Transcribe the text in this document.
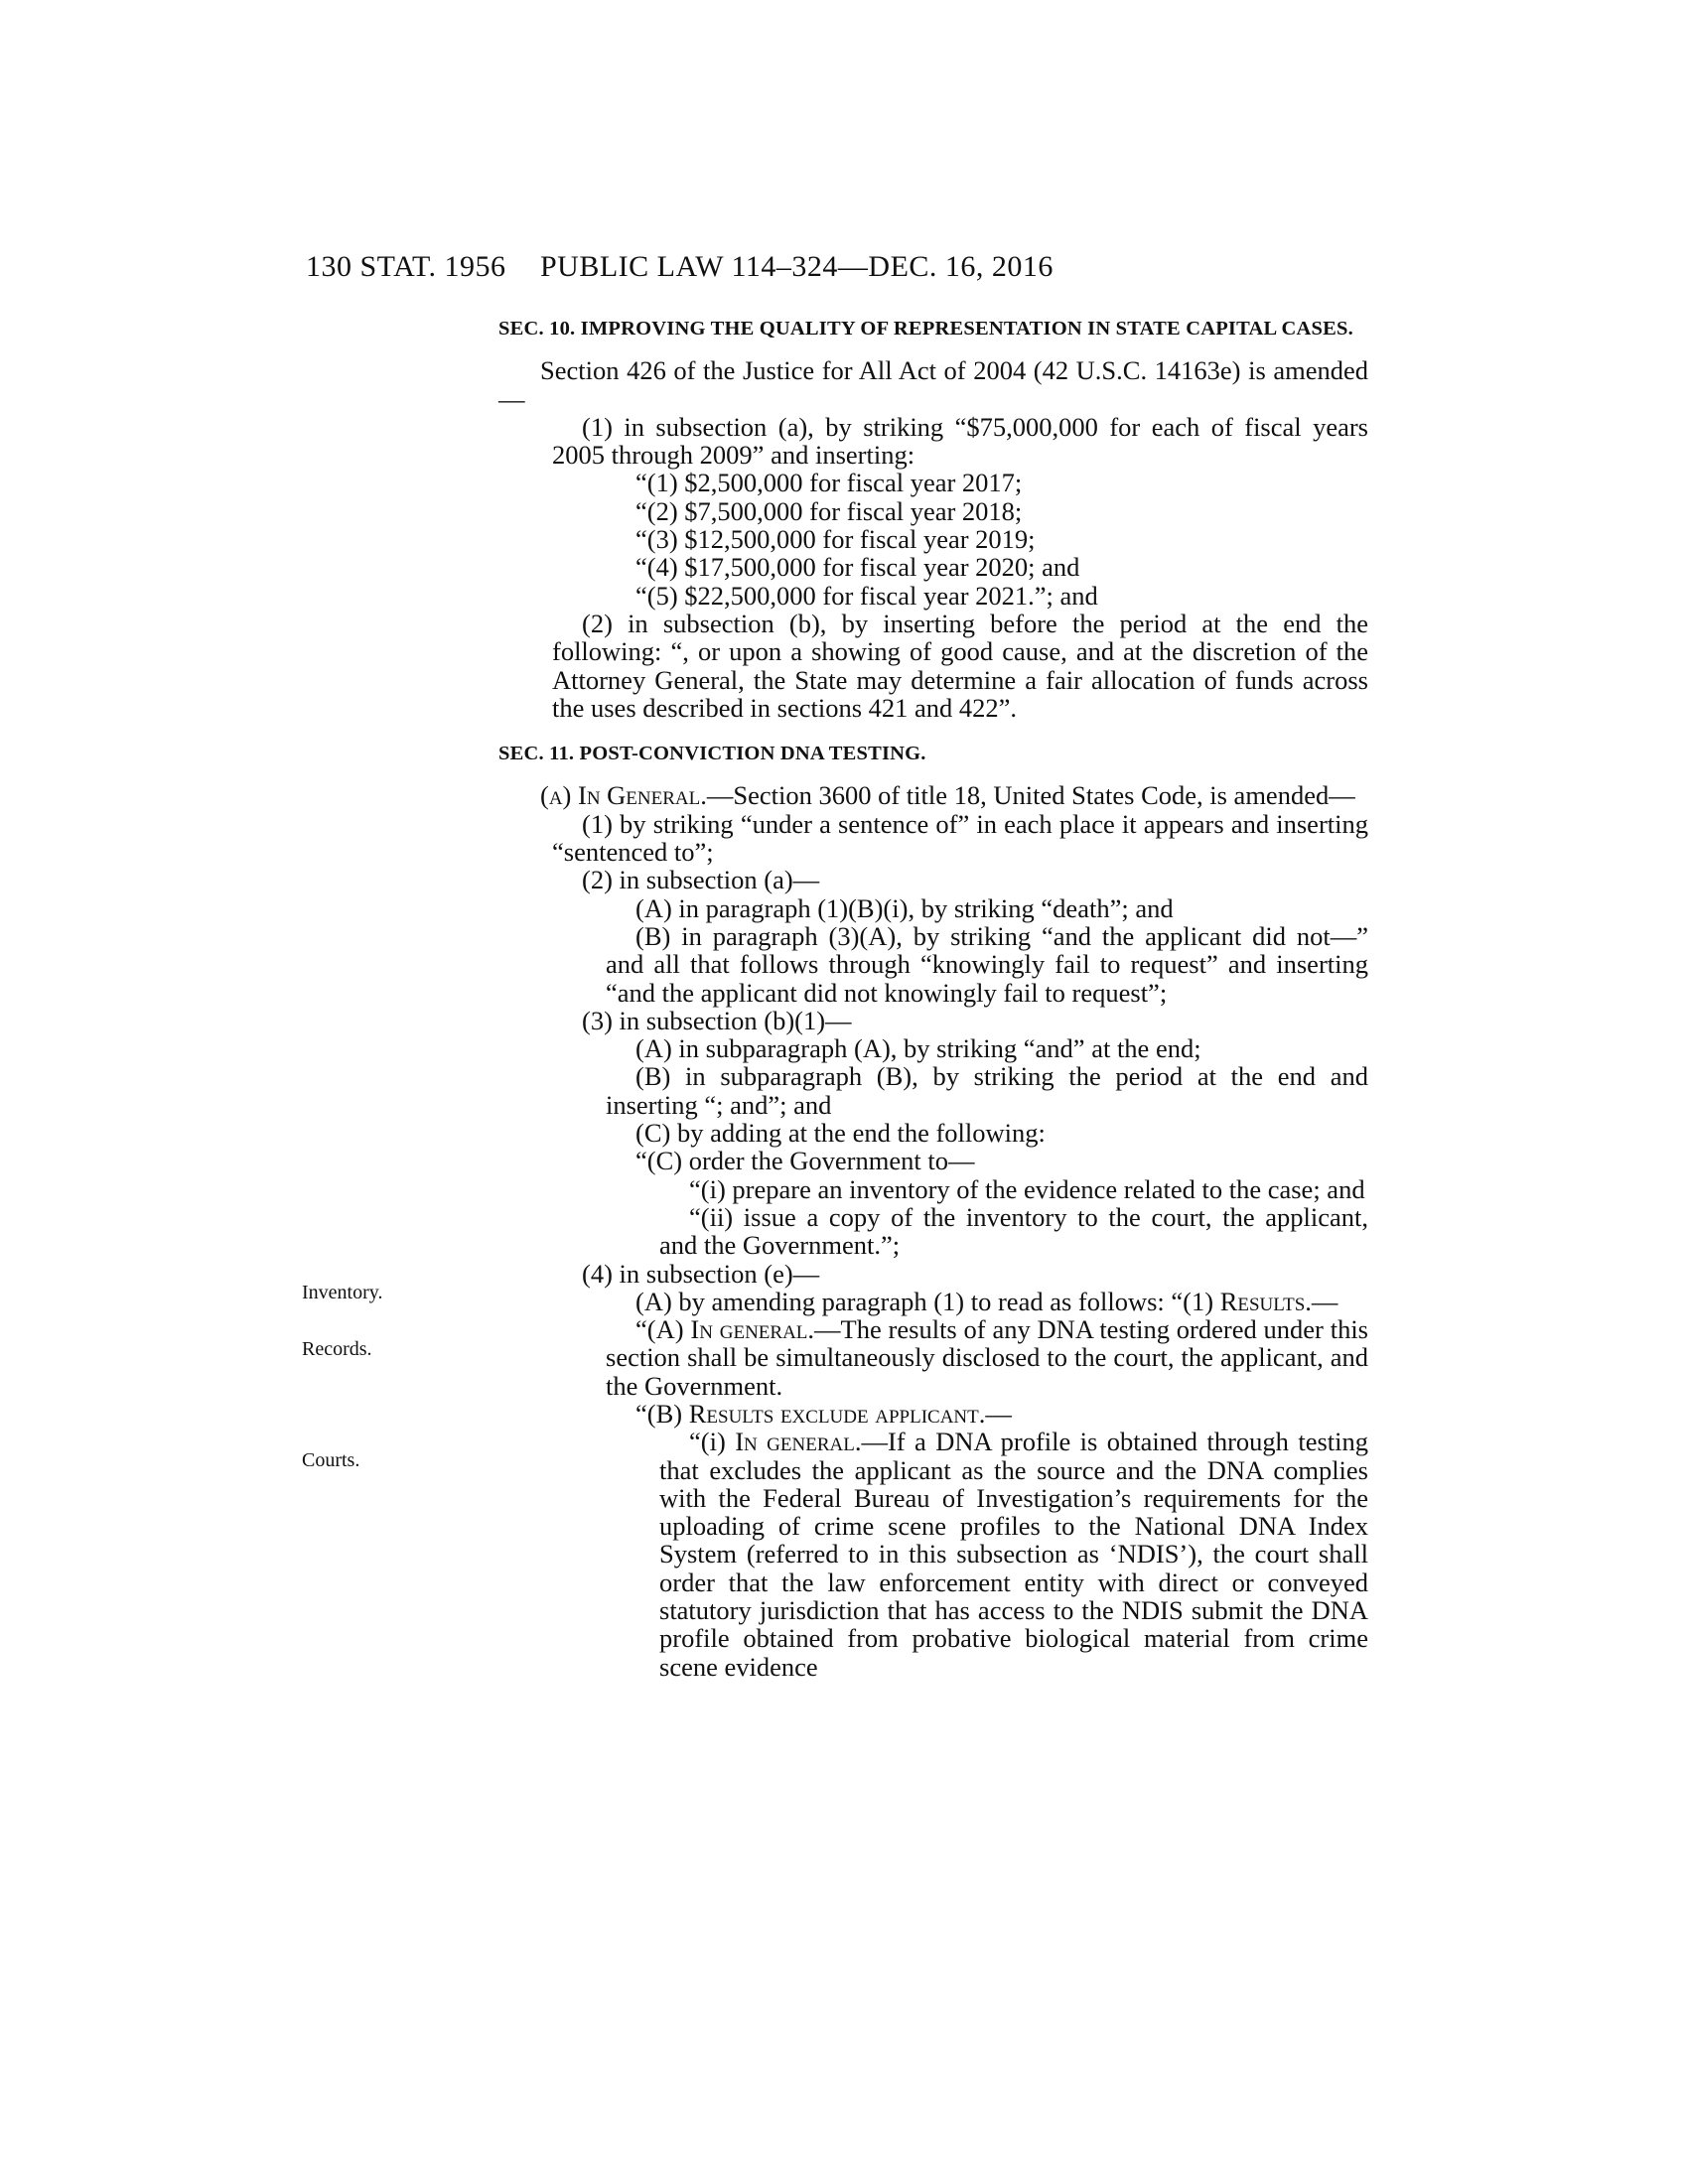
130 STAT. 1956 PUBLIC LAW 114–324—DEC. 16, 2016
Inventory.
Records.
Courts.

SEC. 10. IMPROVING THE QUALITY OF REPRESENTATION IN STATE CAPITAL CASES.

Section 426 of the Justice for All Act of 2004 (42 U.S.C. 14163e) is amended—

(1) in subsection (a), by striking “$75,000,000 for each of fiscal years 2005 through 2009” and inserting:

“(1) $2,500,000 for fiscal year 2017;

“(2) $7,500,000 for fiscal year 2018;

“(3) $12,500,000 for fiscal year 2019;

“(4) $17,500,000 for fiscal year 2020; and

“(5) $22,500,000 for fiscal year 2021.”; and

(2) in subsection (b), by inserting before the period at the end the following: “, or upon a showing of good cause, and at the discretion of the Attorney General, the State may determine a fair allocation of funds across the uses described in sections 421 and 422”.

SEC. 11. POST-CONVICTION DNA TESTING.

(a) In General.—Section 3600 of title 18, United States Code, is amended—

(1) by striking “under a sentence of” in each place it appears and inserting “sentenced to”;

(2) in subsection (a)—

(A) in paragraph (1)(B)(i), by striking “death”; and

(B) in paragraph (3)(A), by striking “and the applicant did not—” and all that follows through “knowingly fail to request” and inserting “and the applicant did not knowingly fail to request”;

(3) in subsection (b)(1)—

(A) in subparagraph (A), by striking “and” at the end;

(B) in subparagraph (B), by striking the period at the end and inserting “; and”; and

(C) by adding at the end the following:

“(C) order the Government to—

“(i) prepare an inventory of the evidence related to the case; and

“(ii) issue a copy of the inventory to the court, the applicant, and the Government.”;

(4) in subsection (e)—

(A) by amending paragraph (1) to read as follows: “(1) Results.—

“(A) In general.—The results of any DNA testing ordered under this section shall be simultaneously disclosed to the court, the applicant, and the Government.

“(B) Results exclude applicant.—

“(i) In general.—If a DNA profile is obtained through testing that excludes the applicant as the source and the DNA complies with the Federal Bureau of Investigation’s requirements for the uploading of crime scene profiles to the National DNA Index System (referred to in this subsection as ‘NDIS’), the court shall order that the law enforcement entity with direct or conveyed statutory jurisdiction that has access to the NDIS submit the DNA profile obtained from probative biological material from crime scene evidence
